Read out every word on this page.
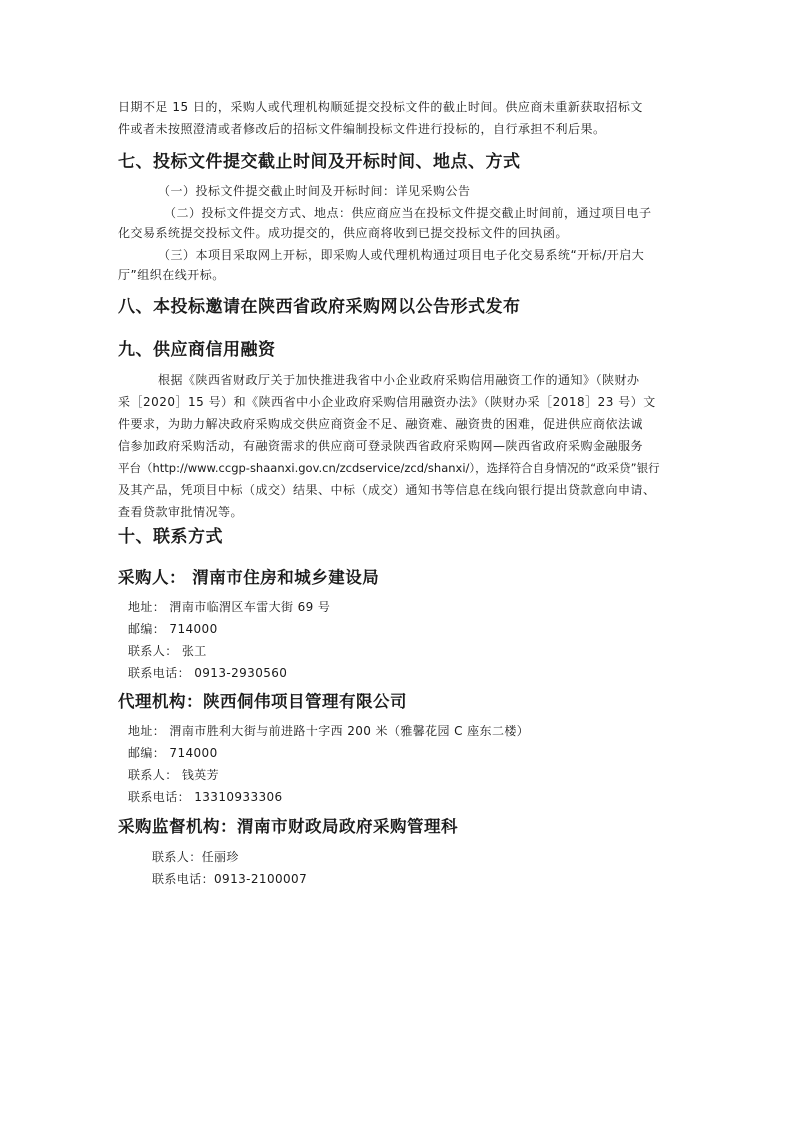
日期不足 15 日的，采购人或代理机构顺延提交投标文件的截止时间。供应商未重新获取招标文

件或者未按照澄清或者修改后的招标文件编制投标文件进行投标的，自行承担不利后果。

七、投标文件提交截止时间及开标时间、地点、方式

（一）投标文件提交截止时间及开标时间：详见采购公告

（二）投标文件提交方式、地点：供应商应当在投标文件提交截止时间前，通过项目电子

化交易系统提交投标文件。成功提交的，供应商将收到已提交投标文件的回执函。

（三）本项目采取网上开标，即采购人或代理机构通过项目电子化交易系统“开标/开启大

厅”组织在线开标。

八、本投标邀请在陕西省政府采购网以公告形式发布
九、供应商信用融资

根据《陕西省财政厅关于加快推进我省中小企业政府采购信用融资工作的通知》（陕财办

采［2020］15 号）和《陕西省中小企业政府采购信用融资办法》（陕财办采［2018］23 号）文

件要求，为助力解决政府采购成交供应商资金不足、融资难、融资贵的困难，促进供应商依法诚

信参加政府采购活动，有融资需求的供应商可登录陕西省政府采购网—陕西省政府采购金融服务

平台（http://www.ccgp-shaanxi.gov.cn/zcdservice/zcd/shanxi/），选择符合自身情况的“政采贷”银行

及其产品，凭项目中标（成交）结果、中标（成交）通知书等信息在线向银行提出贷款意向申请、

查看贷款审批情况等。

十、联系方式
采购人： 渭南市住房和城乡建设局

地址： 渭南市临渭区车雷大街 69 号

邮编： 714000

联系人： 张工

联系电话： 0913-2930560

代理机构：陕西侗伟项目管理有限公司

地址： 渭南市胜利大街与前进路十字西 200 米（雅馨花园 C 座东二楼）

邮编： 714000

联系人： 钱英芳

联系电话： 13310933306

采购监督机构：渭南市财政局政府采购管理科

联系人：任丽珍

联系电话：0913-2100007
